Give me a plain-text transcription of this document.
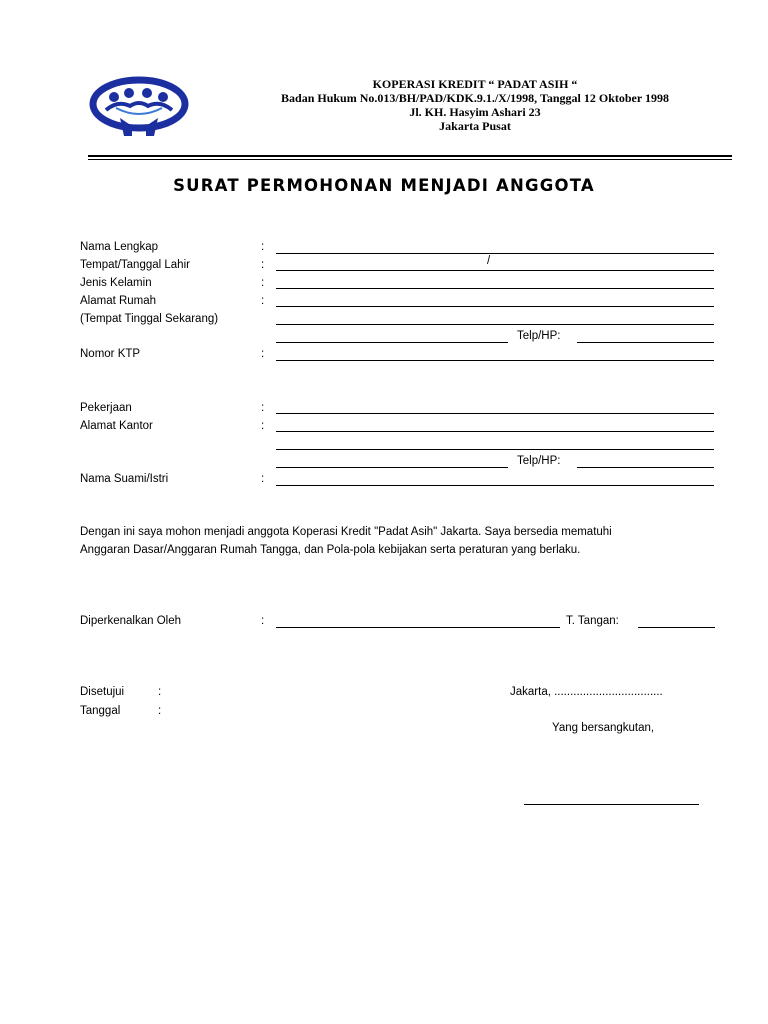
KOPERASI KREDIT “ PADAT ASIH “
Badan Hukum No.013/BH/PAD/KDK.9.1./X/1998, Tanggal 12 Oktober 1998
Jl. KH. Hasyim Ashari 23
Jakarta Pusat
SURAT PERMOHONAN MENJADI ANGGOTA
Nama Lengkap	:
Tempat/Tanggal Lahir	:	/
Jenis Kelamin	:
Alamat Rumah	:
(Tempat Tinggal Sekarang)
Telp/HP:
Nomor KTP	:
Pekerjaan	:
Alamat Kantor	:
Telp/HP:
Nama Suami/Istri	:
Dengan ini saya mohon menjadi anggota Koperasi Kredit "Padat Asih" Jakarta. Saya bersedia mematuhi
Anggaran Dasar/Anggaran Rumah Tangga, dan Pola-pola kebijakan serta peraturan yang berlaku.
Diperkenalkan Oleh	:	T. Tangan:
Disetujui	:
Tanggal	:
Jakarta, ..................................
Yang bersangkutan,
